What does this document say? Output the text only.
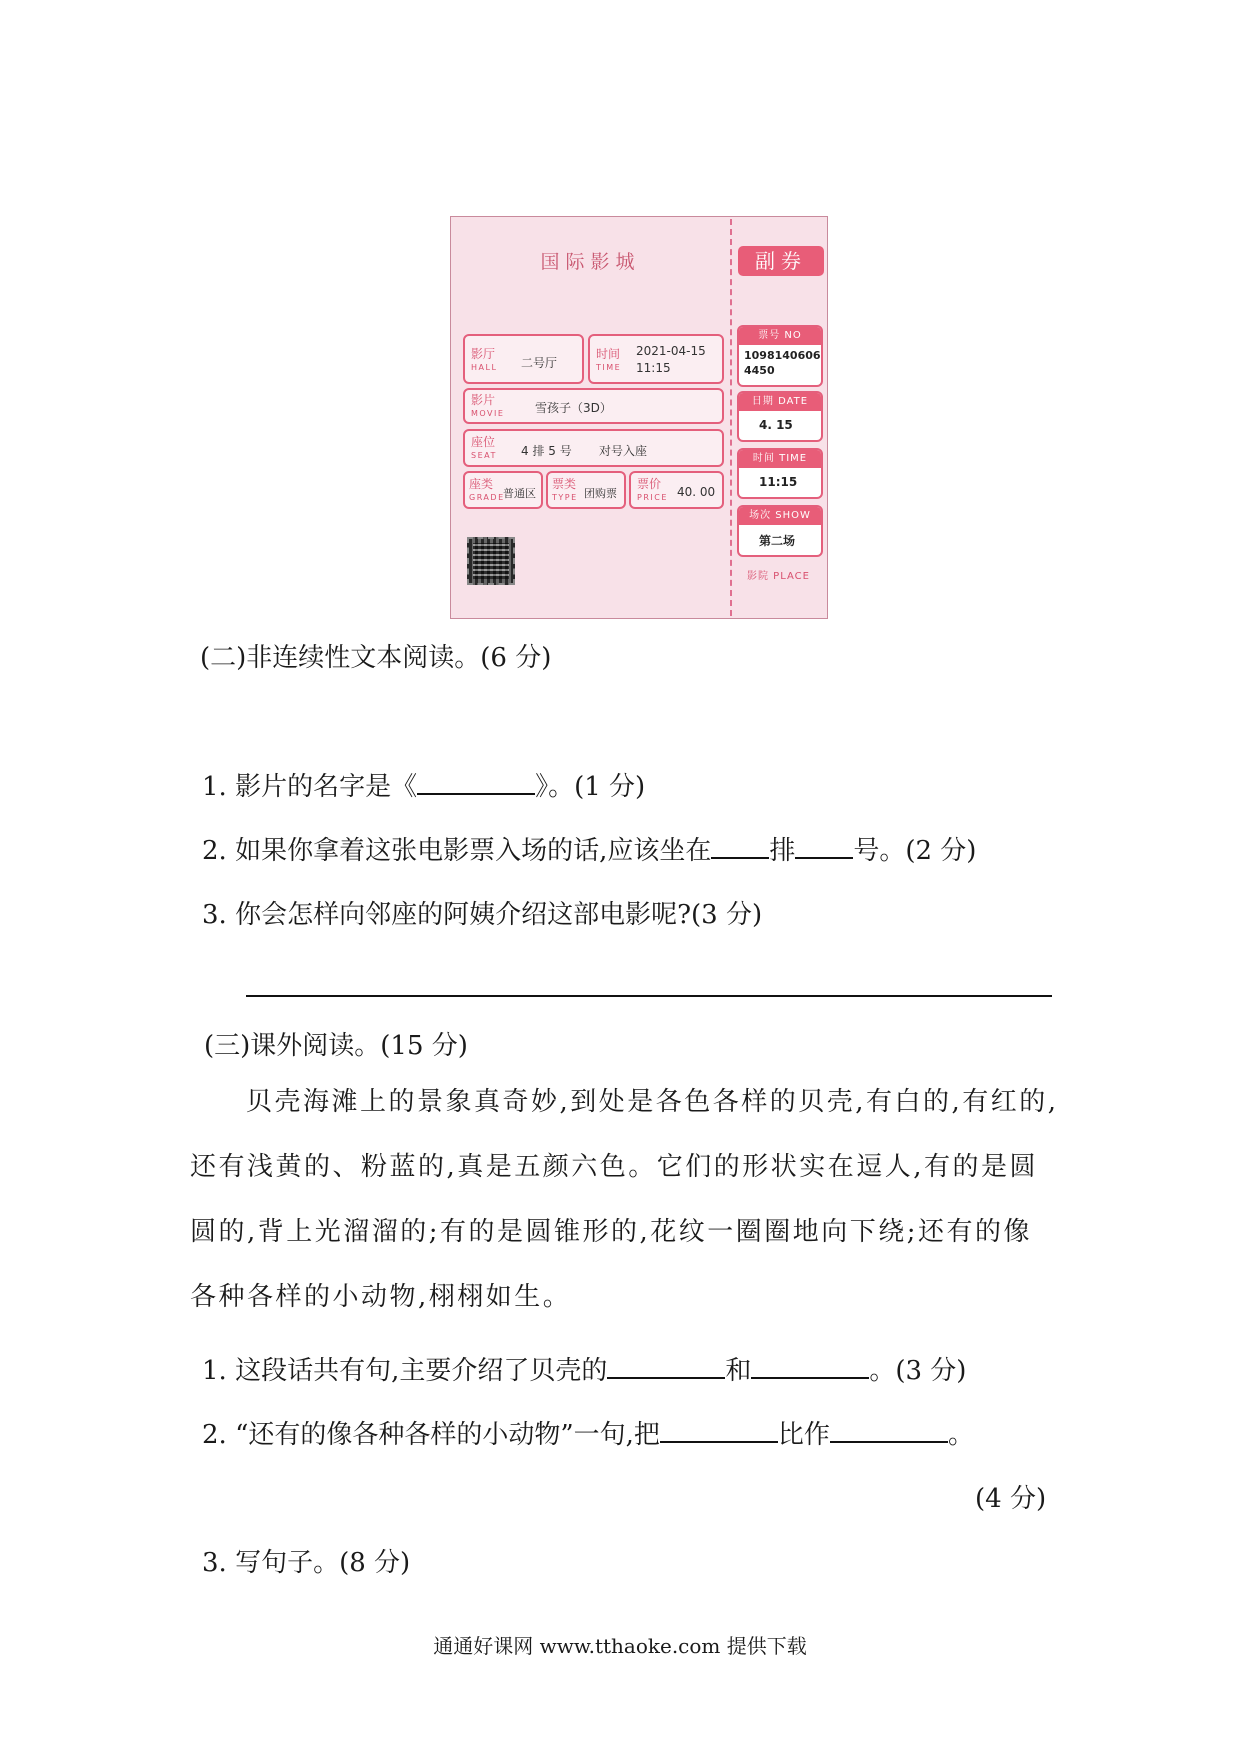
国际影城	副券
影厅
HALL 二号厅
时间
TIME
2021-04-15
11:15
影片
MOVIE	雪孩子（3D）
座位
SEAT 4 排 5 号 对号入座
座类
GRADE
普通区
票类
TYPE 团购票
票价
PRICE 40. 00
票号 NO
1098140606 4450
日期 DATE
4. 15
时间 TIME
11:15
场次 SHOW
第二场
影院 PLACE
(二)非连续性文本阅读。(6 分)
1. 影片的名字是《	》。(1 分)
2. 如果你拿着这张电影票入场的话,应该坐在 排 号。(2 分)
3. 你会怎样向邻座的阿姨介绍这部电影呢?(3 分)
(三)课外阅读。(15 分)
贝壳海滩上的景象真奇妙,到处是各色各样的贝壳,有白的,有红的,还有浅黄的、粉蓝的,真是五颜六色。它们的形状实在逗人,有的是圆圆的,背上光溜溜的;有的是圆锥形的,花纹一圈圈地向下绕;还有的像各种各样的小动物,栩栩如生。
1. 这段话共有句,主要介绍了贝壳的	和	。(3 分)
2. “还有的像各种各样的小动物”一句,把	比作	。
(4 分)
3. 写句子。(8 分)
通通好课网 www.tthaoke.com 提供下载
